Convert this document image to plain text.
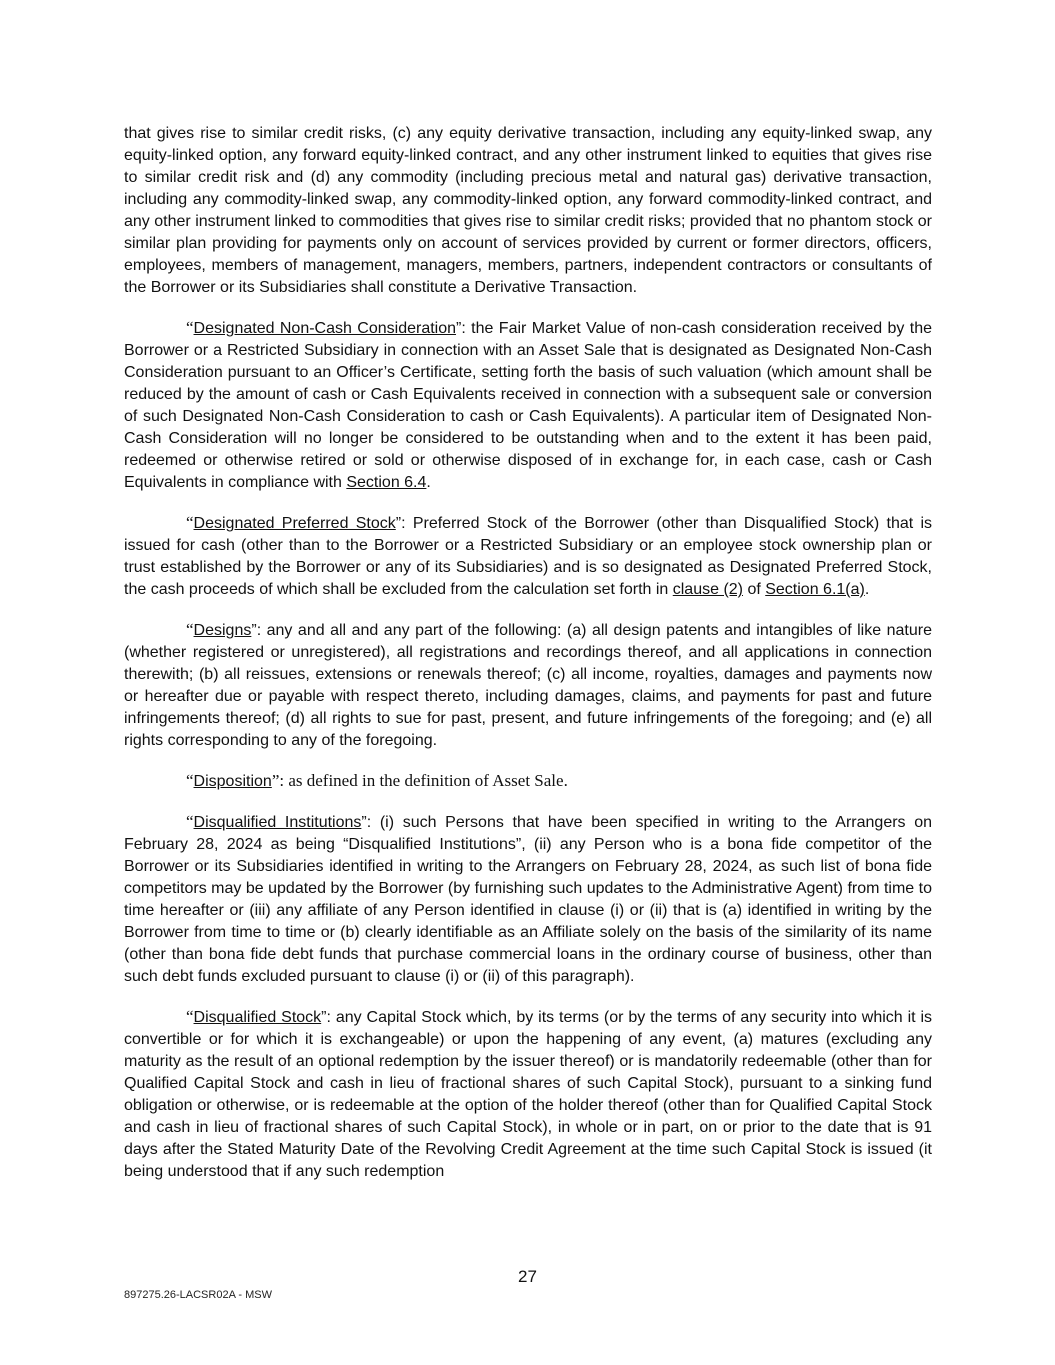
that gives rise to similar credit risks, (c) any equity derivative transaction, including any equity-linked swap, any equity-linked option, any forward equity-linked contract, and any other instrument linked to equities that gives rise to similar credit risk and (d) any commodity (including precious metal and natural gas) derivative transaction, including any commodity-linked swap, any commodity-linked option, any forward commodity-linked contract, and any other instrument linked to commodities that gives rise to similar credit risks; provided that no phantom stock or similar plan providing for payments only on account of services provided by current or former directors, officers, employees, members of management, managers, members, partners, independent contractors or consultants of the Borrower or its Subsidiaries shall constitute a Derivative Transaction.

“Designated Non-Cash Consideration”: the Fair Market Value of non-cash consideration received by the Borrower or a Restricted Subsidiary in connection with an Asset Sale that is designated as Designated Non-Cash Consideration pursuant to an Officer’s Certificate, setting forth the basis of such valuation (which amount shall be reduced by the amount of cash or Cash Equivalents received in connection with a subsequent sale or conversion of such Designated Non-Cash Consideration to cash or Cash Equivalents). A particular item of Designated Non-Cash Consideration will no longer be considered to be outstanding when and to the extent it has been paid, redeemed or otherwise retired or sold or otherwise disposed of in exchange for, in each case, cash or Cash Equivalents in compliance with Section 6.4.

“Designated Preferred Stock”: Preferred Stock of the Borrower (other than Disqualified Stock) that is issued for cash (other than to the Borrower or a Restricted Subsidiary or an employee stock ownership plan or trust established by the Borrower or any of its Subsidiaries) and is so designated as Designated Preferred Stock, the cash proceeds of which shall be excluded from the calculation set forth in clause (2) of Section 6.1(a).

“Designs”: any and all and any part of the following: (a) all design patents and intangibles of like nature (whether registered or unregistered), all registrations and recordings thereof, and all applications in connection therewith; (b) all reissues, extensions or renewals thereof; (c) all income, royalties, damages and payments now or hereafter due or payable with respect thereto, including damages, claims, and payments for past and future infringements thereof; (d) all rights to sue for past, present, and future infringements of the foregoing; and (e) all rights corresponding to any of the foregoing.

“Disposition”: as defined in the definition of Asset Sale.

“Disqualified Institutions”: (i) such Persons that have been specified in writing to the Arrangers on February 28, 2024 as being “Disqualified Institutions”, (ii) any Person who is a bona fide competitor of the Borrower or its Subsidiaries identified in writing to the Arrangers on February 28, 2024, as such list of bona fide competitors may be updated by the Borrower (by furnishing such updates to the Administrative Agent) from time to time hereafter or (iii) any affiliate of any Person identified in clause (i) or (ii) that is (a) identified in writing by the Borrower from time to time or (b) clearly identifiable as an Affiliate solely on the basis of the similarity of its name (other than bona fide debt funds that purchase commercial loans in the ordinary course of business, other than such debt funds excluded pursuant to clause (i) or (ii) of this paragraph).

“Disqualified Stock”: any Capital Stock which, by its terms (or by the terms of any security into which it is convertible or for which it is exchangeable) or upon the happening of any event, (a) matures (excluding any maturity as the result of an optional redemption by the issuer thereof) or is mandatorily redeemable (other than for Qualified Capital Stock and cash in lieu of fractional shares of such Capital Stock), pursuant to a sinking fund obligation or otherwise, or is redeemable at the option of the holder thereof (other than for Qualified Capital Stock and cash in lieu of fractional shares of such Capital Stock), in whole or in part, on or prior to the date that is 91 days after the Stated Maturity Date of the Revolving Credit Agreement at the time such Capital Stock is issued (it being understood that if any such redemption

27
897275.26-LACSR02A - MSW
